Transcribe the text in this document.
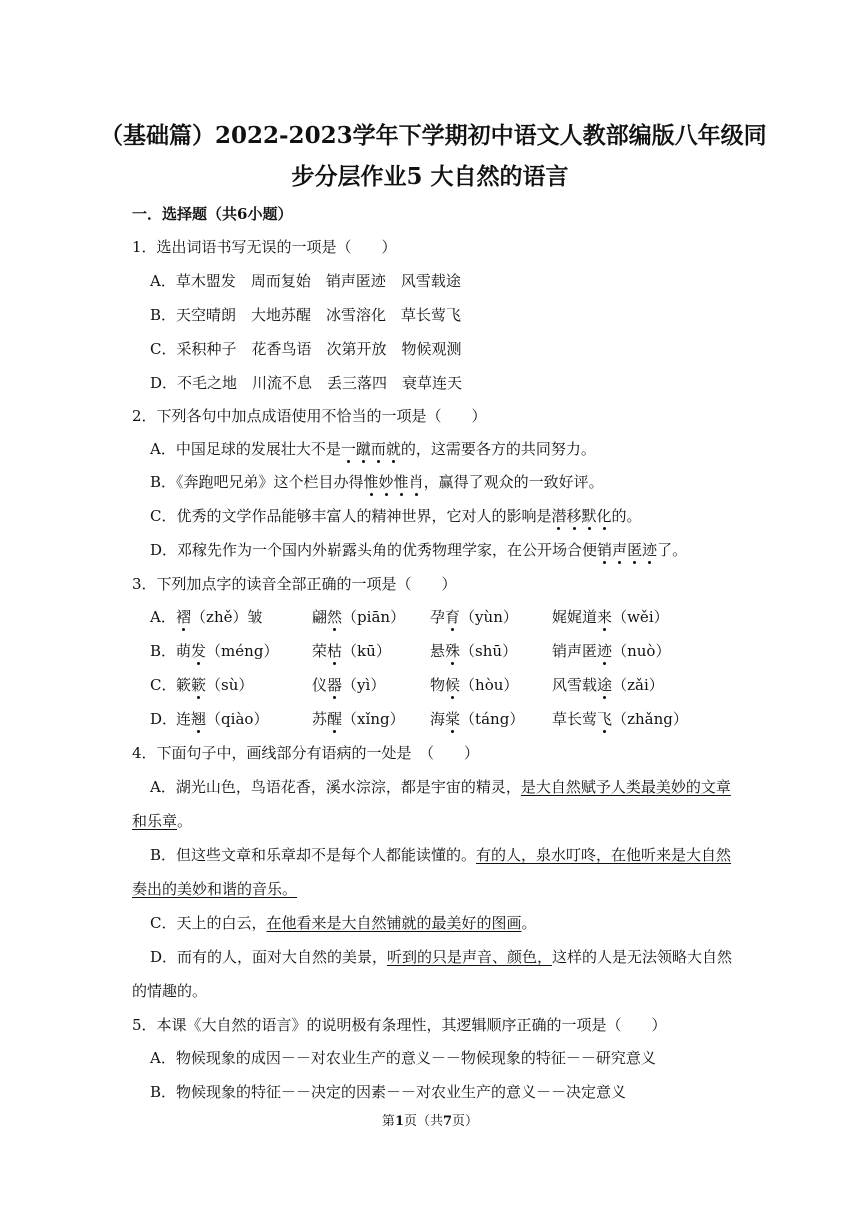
（基础篇）2022-2023学年下学期初中语文人教部编版八年级同
步分层作业5 大自然的语言
一．选择题（共6小题）
1．选出词语书写无误的一项是（　　）
A．草木盟发　周而复始　销声匿迹　风雪载途
B．天空晴朗　大地苏醒　冰雪溶化　草长莺飞
C．采积种子　花香鸟语　次第开放　物候观测
D．不毛之地　川流不息　丢三落四　衰草连天
2．下列各句中加点成语使用不恰当的一项是（　　）
A．中国足球的发展壮大不是一蹴而就的，这需要各方的共同努力。
B．《奔跑吧兄弟》这个栏目办得惟妙惟肖，赢得了观众的一致好评。
C．优秀的文学作品能够丰富人的精神世界，它对人的影响是潜移默化的。
D．邓稼先作为一个国内外崭露头角的优秀物理学家，在公开场合便销声匿迹了。
3．下列加点字的读音全部正确的一项是（　　）
A． 褶（zhě）皱	翩然（piān） 孕育（yùn） 娓娓道来（wěi）
B． 萌发（méng） 荣枯（kū）	悬殊（shū） 销声匿迹（nuò）
C． 簌簌（sù）	仪器（yì）	物候（hòu） 风雪载途（zǎi）
D．
连翘（qiào）	苏醒（xǐng） 海棠（táng） 草长莺飞（zhǎng）
4．下面句子中，画线部分有语病的一处是　（　　）
A．湖光山色，鸟语花香，溪水淙淙，都是宇宙的精灵，是大自然赋予人类最美妙的文章
和乐章。
B．但这些文章和乐章却不是每个人都能读懂的。有的人，泉水叮咚，在他听来是大自然
奏出的美妙和谐的音乐。
C．天上的白云，在他看来是大自然铺就的最美好的图画。
D．而有的人，面对大自然的美景，听到的只是声音、颜色，这样的人是无法领略大自然
的情趣的。
5．本课《大自然的语言》的说明极有条理性，其逻辑顺序正确的一项是（　　）
A．物候现象的成因－－对农业生产的意义－－物候现象的特征－－研究意义
B．物候现象的特征－－决定的因素－－对农业生产的意义－－决定意义
第1页（共7页）
